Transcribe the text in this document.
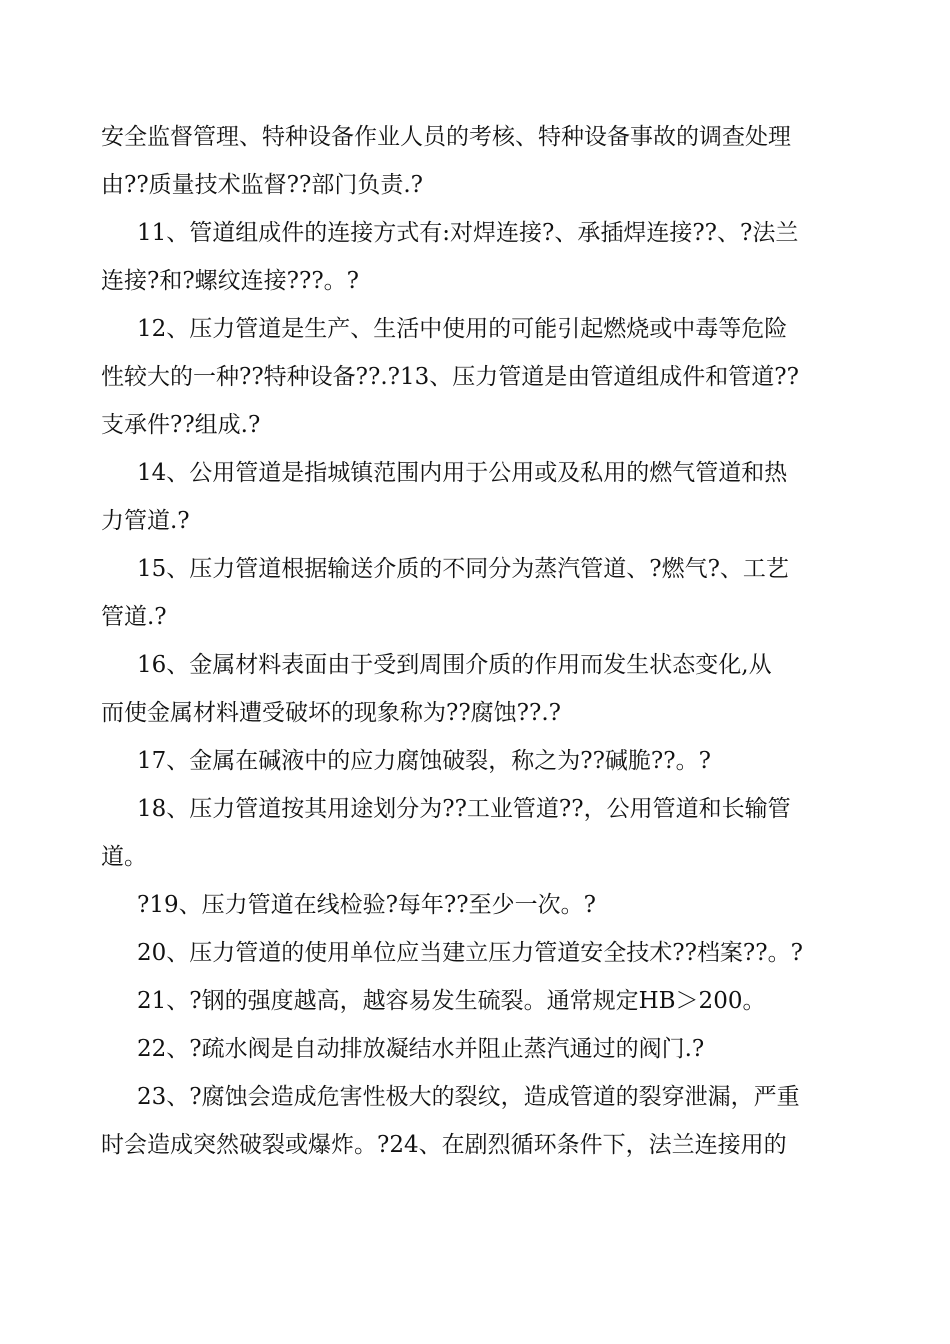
安全监督管理、特种设备作业人员的考核、特种设备事故的调查处理
由??质量技术监督??部门负责.?
11、管道组成件的连接方式有:对焊连接?、承插焊连接??、?法兰
连接?和?螺纹连接???。?
12、压力管道是生产、生活中使用的可能引起燃烧或中毒等危险
性较大的一种??特种设备??.?13、压力管道是由管道组成件和管道??
支承件??组成.?
14、公用管道是指城镇范围内用于公用或及私用的燃气管道和热
力管道.?
15、压力管道根据输送介质的不同分为蒸汽管道、?燃气?、工艺
管道.?
16、金属材料表面由于受到周围介质的作用而发生状态变化,从
而使金属材料遭受破坏的现象称为??腐蚀??.?
17、金属在碱液中的应力腐蚀破裂，称之为??碱脆??。?
18、压力管道按其用途划分为??工业管道??，公用管道和长输管
道。
?19、压力管道在线检验?每年??至少一次。?
20、压力管道的使用单位应当建立压力管道安全技术??档案??。?
21、?钢的强度越高，越容易发生硫裂。通常规定HB＞200。
22、?疏水阀是自动排放凝结水并阻止蒸汽通过的阀门.?
23、?腐蚀会造成危害性极大的裂纹，造成管道的裂穿泄漏，严重
时会造成突然破裂或爆炸。?24、在剧烈循环条件下，法兰连接用的
